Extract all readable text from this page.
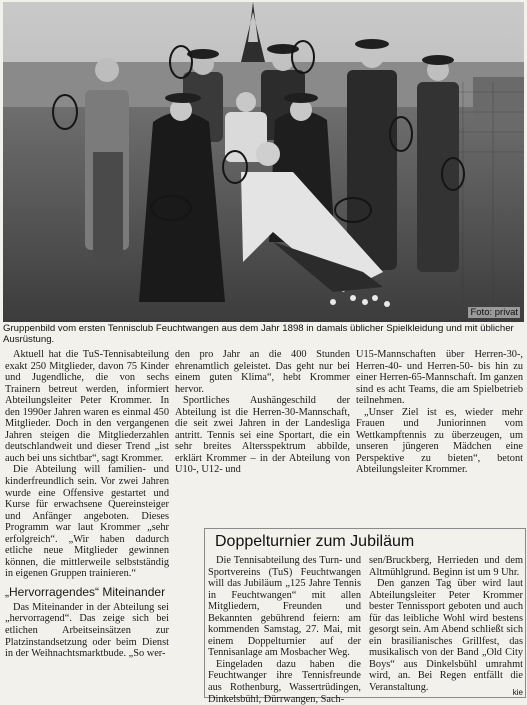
Foto: privat
Gruppenbild vom ersten Tennisclub Feuchtwangen aus dem Jahr 1898 in damals üblicher Spielkleidung und mit üblicher Ausrüstung.

Aktuell hat die TuS-Tennisabteilung exakt 250 Mitglieder, davon 75 Kinder und Jugendliche, die von sechs Trainern betreut werden, informiert Abteilungsleiter Peter Krommer. In den 1990er Jahren waren es einmal 450 Mitglieder. Doch in den vergangenen Jahren steigen die Mitgliederzahlen deutschlandweit und dieser Trend „ist auch bei uns sichtbar“, sagt Krommer.

Die Abteilung will familien- und kinderfreundlich sein. Vor zwei Jahren wurde eine Offensive gestartet und Kurse für erwachsene Quereinsteiger und Anfänger angeboten. Dieses Programm war laut Krommer „sehr erfolgreich“. „Wir haben dadurch etliche neue Mitglieder gewinnen können, die mittlerweile selbstständig in eigenen Gruppen trainieren.“

„Hervorragendes“ Miteinander

Das Miteinander in der Abteilung sei „hervorragend“. Das zeige sich bei etlichen Arbeitseinsätzen zur Platzinstandsetzung oder beim Dienst in der Weihnachtsmarktbude. „So wer-

den pro Jahr an die 400 Stunden ehrenamtlich geleistet. Das geht nur bei einem guten Klima“, hebt Krommer hervor.

Sportliches Aushängeschild der Abteilung ist die Herren-30-Mannschaft, die seit zwei Jahren in der Landesliga antritt. Tennis sei eine Sportart, die ein sehr breites Altersspektrum abbilde, erklärt Krommer – in der Abteilung von U10-, U12- und

U15-Mannschaften über Herren-30-, Herren-40- und Herren-50- bis hin zu einer Herren-65-Mannschaft. Im ganzen sind es acht Teams, die am Spielbetrieb teilnehmen.

„Unser Ziel ist es, wieder mehr Frauen und Juniorinnen vom Wettkampftennis zu überzeugen, um unseren jüngeren Mädchen eine Perspektive zu bieten“, betont Abteilungsleiter Krommer.

Doppelturnier zum Jubiläum

Die Tennisabteilung des Turn- und Sportvereins (TuS) Feuchtwangen will das Jubiläum „125 Jahre Tennis in Feuchtwangen“ mit allen Mitgliedern, Freunden und Bekannten gebührend feiern: am kommenden Samstag, 27. Mai, mit einem Doppelturnier auf der Tennisanlage am Mosbacher Weg.

Eingeladen dazu haben die Feuchtwanger ihre Tennisfreunde aus Rothenburg, Wassertrüdingen, Dinkelsbühl, Dürrwangen, Sach-

sen/Bruckberg, Herrieden und dem Altmühlgrund. Beginn ist um 9 Uhr.

Den ganzen Tag über wird laut Abteilungsleiter Peter Krommer bester Tennissport geboten und auch für das leibliche Wohl wird bestens gesorgt sein. Am Abend schließt sich ein brasilianisches Grillfest, das musikalisch von der Band „Old City Boys“ aus Dinkelsbühl umrahmt wird, an. Bei Regen entfällt die Veranstaltung.	kie
